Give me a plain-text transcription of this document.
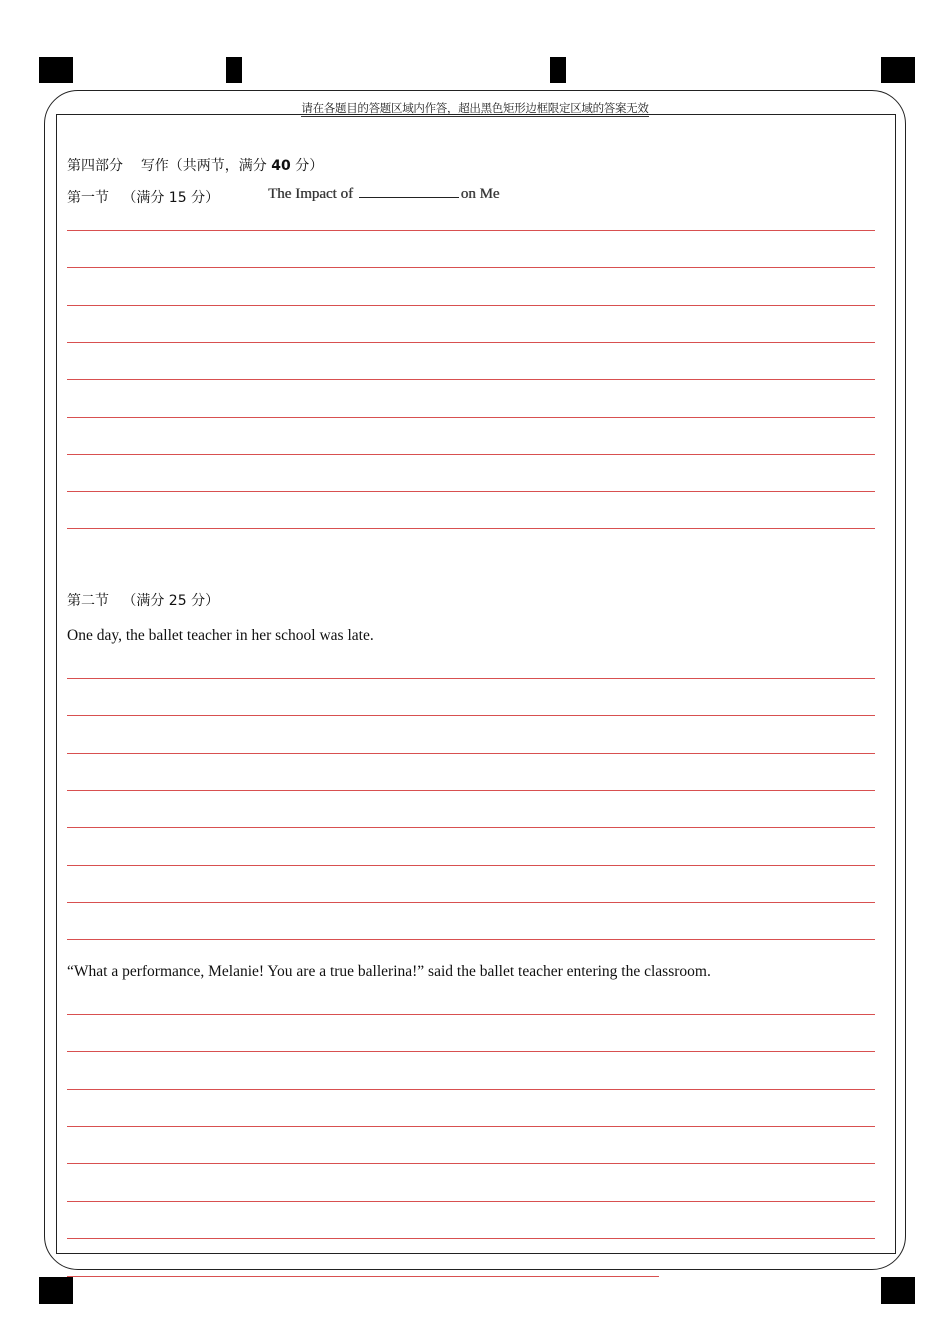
请在各题目的答题区域内作答，超出黑色矩形边框限定区域的答案无效
第四部分 写作（共两节，满分 40 分）
第一节 （满分 15 分）	The Impact of	on Me
第二节 （满分 25 分）
One day, the ballet teacher in her school was late.
“What a performance, Melanie! You are a true ballerina!” said the ballet teacher entering the classroom.
